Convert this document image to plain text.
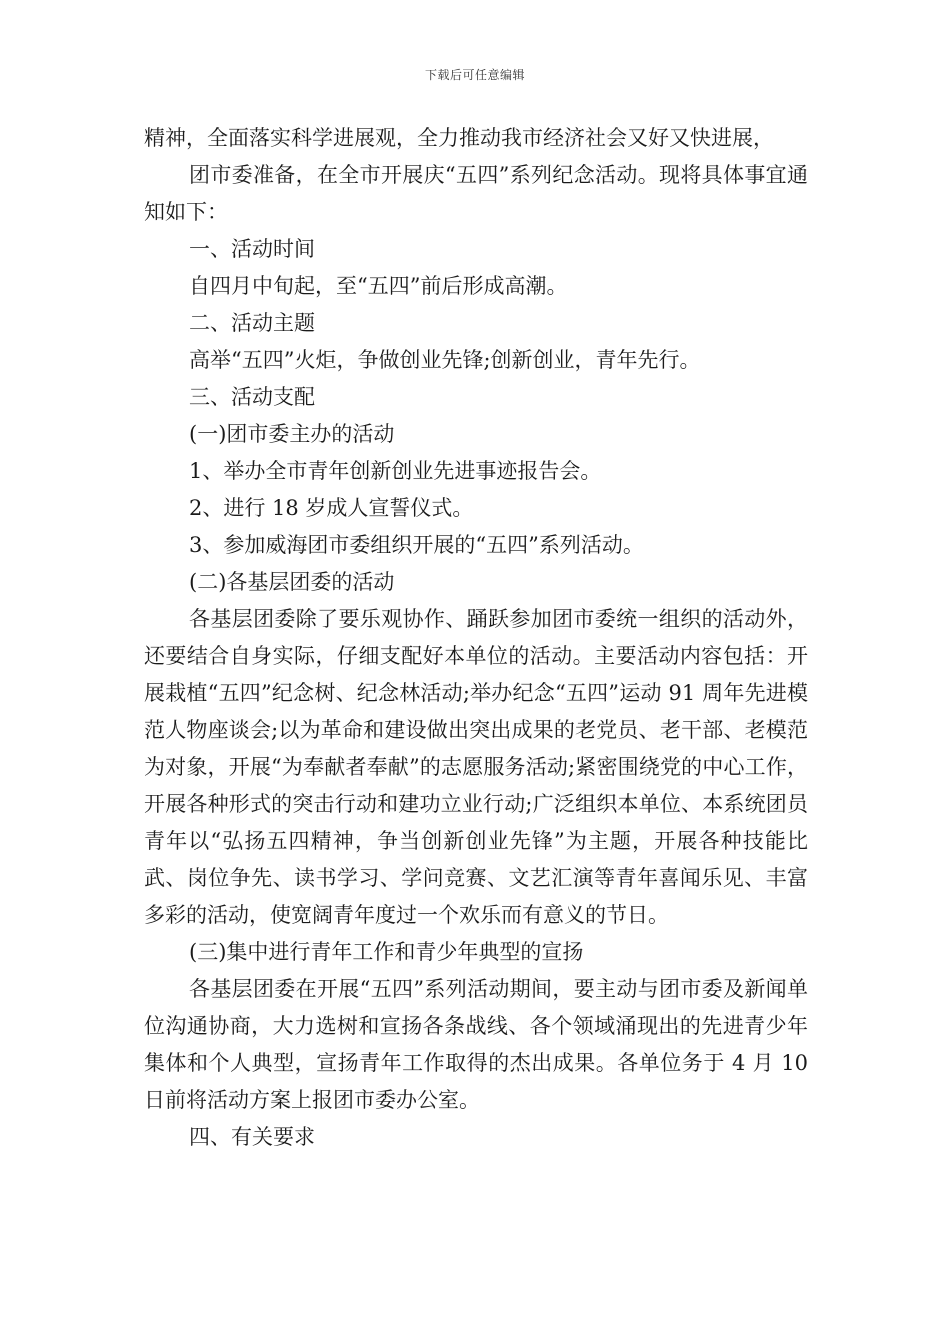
下载后可任意编辑

精神，全面落实科学进展观，全力推动我市经济社会又好又快进展，

团市委准备，在全市开展庆“五四”系列纪念活动。现将具体事宜通知如下：

一、活动时间

自四月中旬起，至“五四”前后形成高潮。

二、活动主题

高举“五四”火炬，争做创业先锋;创新创业，青年先行。

三、活动支配

(一)团市委主办的活动

1、举办全市青年创新创业先进事迹报告会。

2、进行 18 岁成人宣誓仪式。

3、参加威海团市委组织开展的“五四”系列活动。

(二)各基层团委的活动

各基层团委除了要乐观协作、踊跃参加团市委统一组织的活动外，还要结合自身实际，仔细支配好本单位的活动。主要活动内容包括：开展栽植“五四”纪念树、纪念林活动;举办纪念“五四”运动 91 周年先进模范人物座谈会;以为革命和建设做出突出成果的老党员、老干部、老模范为对象，开展“为奉献者奉献”的志愿服务活动;紧密围绕党的中心工作，开展各种形式的突击行动和建功立业行动;广泛组织本单位、本系统团员青年以“弘扬五四精神，争当创新创业先锋”为主题，开展各种技能比武、岗位争先、读书学习、学问竞赛、文艺汇演等青年喜闻乐见、丰富多彩的活动，使宽阔青年度过一个欢乐而有意义的节日。

(三)集中进行青年工作和青少年典型的宣扬

各基层团委在开展“五四”系列活动期间，要主动与团市委及新闻单位沟通协商，大力选树和宣扬各条战线、各个领域涌现出的先进青少年集体和个人典型，宣扬青年工作取得的杰出成果。各单位务于 4 月 10 日前将活动方案上报团市委办公室。

四、有关要求
